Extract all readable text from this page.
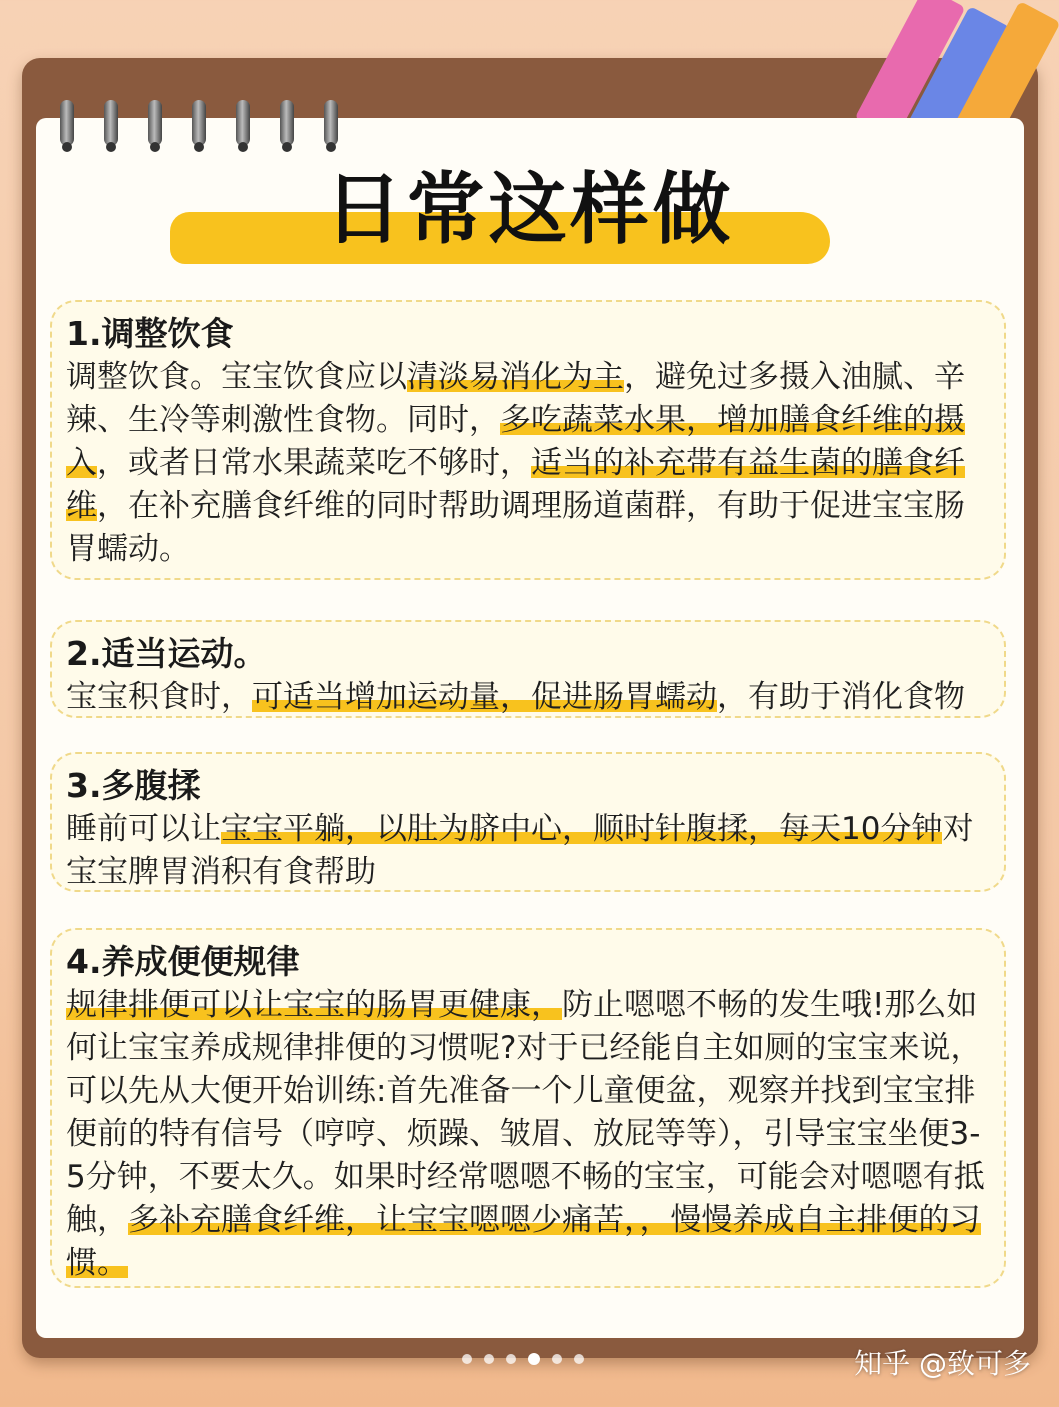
日常这样做
1.调整饮食

调整饮食。宝宝饮食应以清淡易消化为主，避免过多摄入油腻、辛辣、生冷等刺激性食物。同时，多吃蔬菜水果，增加膳食纤维的摄入，或者日常水果蔬菜吃不够时，适当的补充带有益生菌的膳食纤维，在补充膳食纤维的同时帮助调理肠道菌群，有助于促进宝宝肠胃蠕动。

2.适当运动。

宝宝积食时，可适当增加运动量，促进肠胃蠕动，有助于消化食物

3.多腹揉

睡前可以让宝宝平躺，以肚为脐中心，顺时针腹揉，每天10分钟对宝宝脾胃消积有食帮助

4.养成便便规律

规律排便可以让宝宝的肠胃更健康，防止嗯嗯不畅的发生哦!那么如何让宝宝养成规律排便的习惯呢?对于已经能自主如厕的宝宝来说，可以先从大便开始训练:首先准备一个儿童便盆，观察并找到宝宝排便前的特有信号（哼哼、烦躁、皱眉、放屁等等），引导宝宝坐便3-5分钟，不要太久。如果时经常嗯嗯不畅的宝宝，可能会对嗯嗯有抵触，多补充膳食纤维，让宝宝嗯嗯少痛苦，，慢慢养成自主排便的习惯。

知乎 @致可多
